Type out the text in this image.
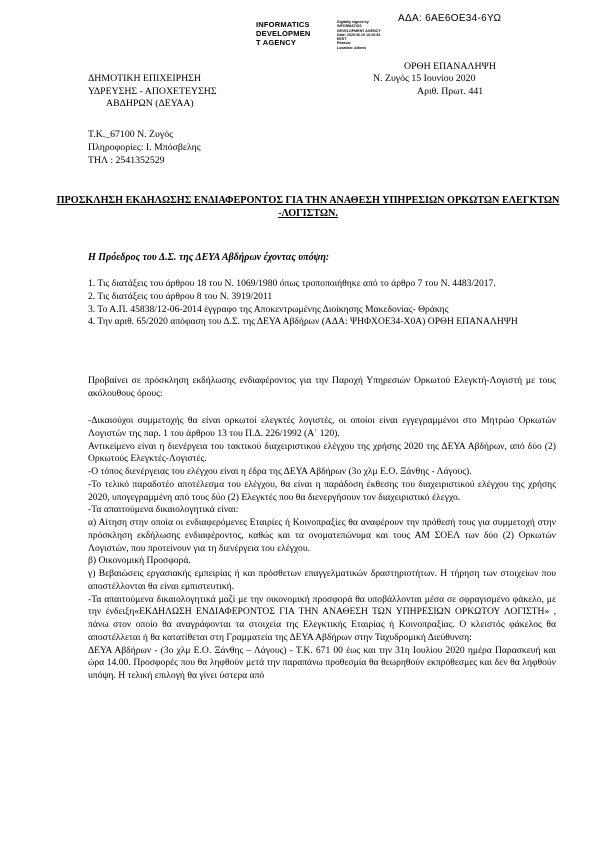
ΑΔΑ: 6ΑΕ6ΟΕ34-6ΥΩ
INFORMATICS
DEVELOPMEN
T AGENCY
Digitally signed by
INFORMATICS
DEVELOPMENT AGENCY
Date: 2020.06.15 10:20:52
EEST
Reason:
Location: Athens
ΟΡΘΗ ΕΠΑΝΑΛΗΨΗ
ΔΗΜΟΤΙΚΗ ΕΠΙΧΕΙΡΗΣΗ	Ν. Ζυγός 15 Ιουνίου 2020
ΥΔΡΕΥΣΗΣ - ΑΠΟΧΕΤΕΥΣΗΣ	Αριθ. Πρωτ. 441
ΑΒΔΗΡΩΝ (ΔΕΥΑΑ)
Τ.Κ._67100 Ν. Ζυγός
Πληροφορίες: Ι. Μπόσβελης
ΤΗΛ : 2541352529
ΠΡΟΣΚΛΗΣΗ ΕΚΔΗΛΩΣΗΣ ΕΝΔΙΑΦΕΡΟΝΤΟΣ ΓΙΑ ΤΗΝ ΑΝΑΘΕΣΗ ΥΠΗΡΕΣΙΩΝ ΟΡΚΩΤΩΝ ΕΛΕΓΚΤΩΝ -ΛΟΓΙΣΤΩΝ.
Η Πρόεδρος του Δ.Σ. της ΔΕΥΑ Αβδήρων έχοντας υπόψη:

1. Τις διατάξεις του άρθρου 18 του Ν. 1069/1980 όπως τροποποιήθηκε από το άρθρο 7 του Ν. 4483/2017.

2. Τις διατάξεις του άρθρου 8 του Ν. 3919/2011

3. Το Α.Π. 45838/12-06-2014 έγγραφο της Αποκεντρωμένης Διοίκησης Μακεδονίας- Θράκης

4. Την αριθ. 65/2020 απόφαση του Δ.Σ. της ΔΕΥΑ Αβδήρων (ΑΔΑ: ΨΗΦΧΟΕ34-Χ0Α) ΟΡΘΗ ΕΠΑΝΑΛΗΨΗ

Προβαίνει σε πρόσκληση εκδήλωσης ενδιαφέροντος για την Παροχή Υπηρεσιών Ορκωτού Ελεγκτή-Λογιστή με τους ακόλουθους όρους:

-Δικαιούχοι συμμετοχής θα είναι ορκωτοί ελεγκτές λογιστές, οι οποίοι είναι εγγεγραμμένοι στο Μητρώο Ορκωτών Λογιστών της παρ. 1 του άρθρου 13 του Π.Δ. 226/1992 (Α΄ 120).

Αντικείμενο είναι η διενέργεια του τακτικού διαχειριστικού ελέγχου της χρήσης 2020 της ΔΕΥΑ Αβδήρων, από δύο (2) Ορκωτούς Ελεγκτές-Λογιστές.

-Ο τόπος διενέργειας του ελέγχου είναι η έδρα της ΔΕΥΑ Αβδήρων (3ο χλμ Ε.Ο. Ξάνθης - Λάγους).

-Το τελικό παραδοτέο αποτέλεσμα του ελέγχου, θα είναι η παράδοση έκθεσης του διαχειριστικού ελέγχου της χρήσης 2020, υπογεγραμμένη από τους δύο (2) Ελεγκτές που θα διενεργήσουν τον διαχειριστικό έλεγχο.

-Τα απαιτούμενα δικαιολογητικά είναι:

α) Αίτηση στην οποία οι ενδιαφερόμενες Εταιρίες ή Κοινοπραξίες θα αναφέρουν την πρόθεσή τους για συμμετοχή στην πρόσκληση εκδήλωσης ενδιαφέροντος, καθώς και τα ονοματεπώνυμα και τους ΑΜ ΣΟΕΛ των δύο (2) Ορκωτών Λογιστών, που προτείνουν για τη διενέργεια του ελέγχου.

β) Οικονομική Προσφορά.

γ) Βεβαιώσεις εργασιακής εμπειρίας ή και πρόσθετων επαγγελματικών δραστηριοτήτων. Η τήρηση των στοιχείων που αποστέλλονται θα είναι εμπιστευτική.

-Τα απαιτούμενα δικαιολογητικά μαζί με την οικονομική προσφορά θα υποβάλλονται μέσα σε σφραγισμένο φάκελο, με την ένδειξη«ΕΚΔΗΛΩΣΗ ΕΝΔΙΑΦΕΡΟΝΤΟΣ ΓΙΑ ΤΗΝ ΑΝΑΘΕΣΗ ΤΩΝ ΥΠΗΡΕΣΙΩΝ ΟΡΚΩΤΟΥ ΛΟΓΙΣΤΗ» , πάνω στον οποίο θα αναγράφονται τα στοιχεία της Ελεγκτικής Εταιρίας ή Κοινοπραξίας. Ο κλειστός φάκελος θα αποστέλλεται ή θα κατατίθεται στη Γραμματεία της ΔΕΥΑ Αβδήρων στην Ταχυδρομική Διεύθυνση:

ΔΕΥΑ Αβδήρων - (3ο χλμ Ε.Ο. Ξάνθης – Λάγους) - Τ.Κ. 671 00 έως και την 31η Ιουλίου 2020 ημέρα Παρασκευή και ώρα 14.00. Προσφορές που θα ληφθούν μετά την παραπάνω προθεσμία θα θεωρηθούν εκπρόθεσμες και δεν θα ληφθούν υπόψη. Η τελική επιλογή θα γίνει ύστερα από
